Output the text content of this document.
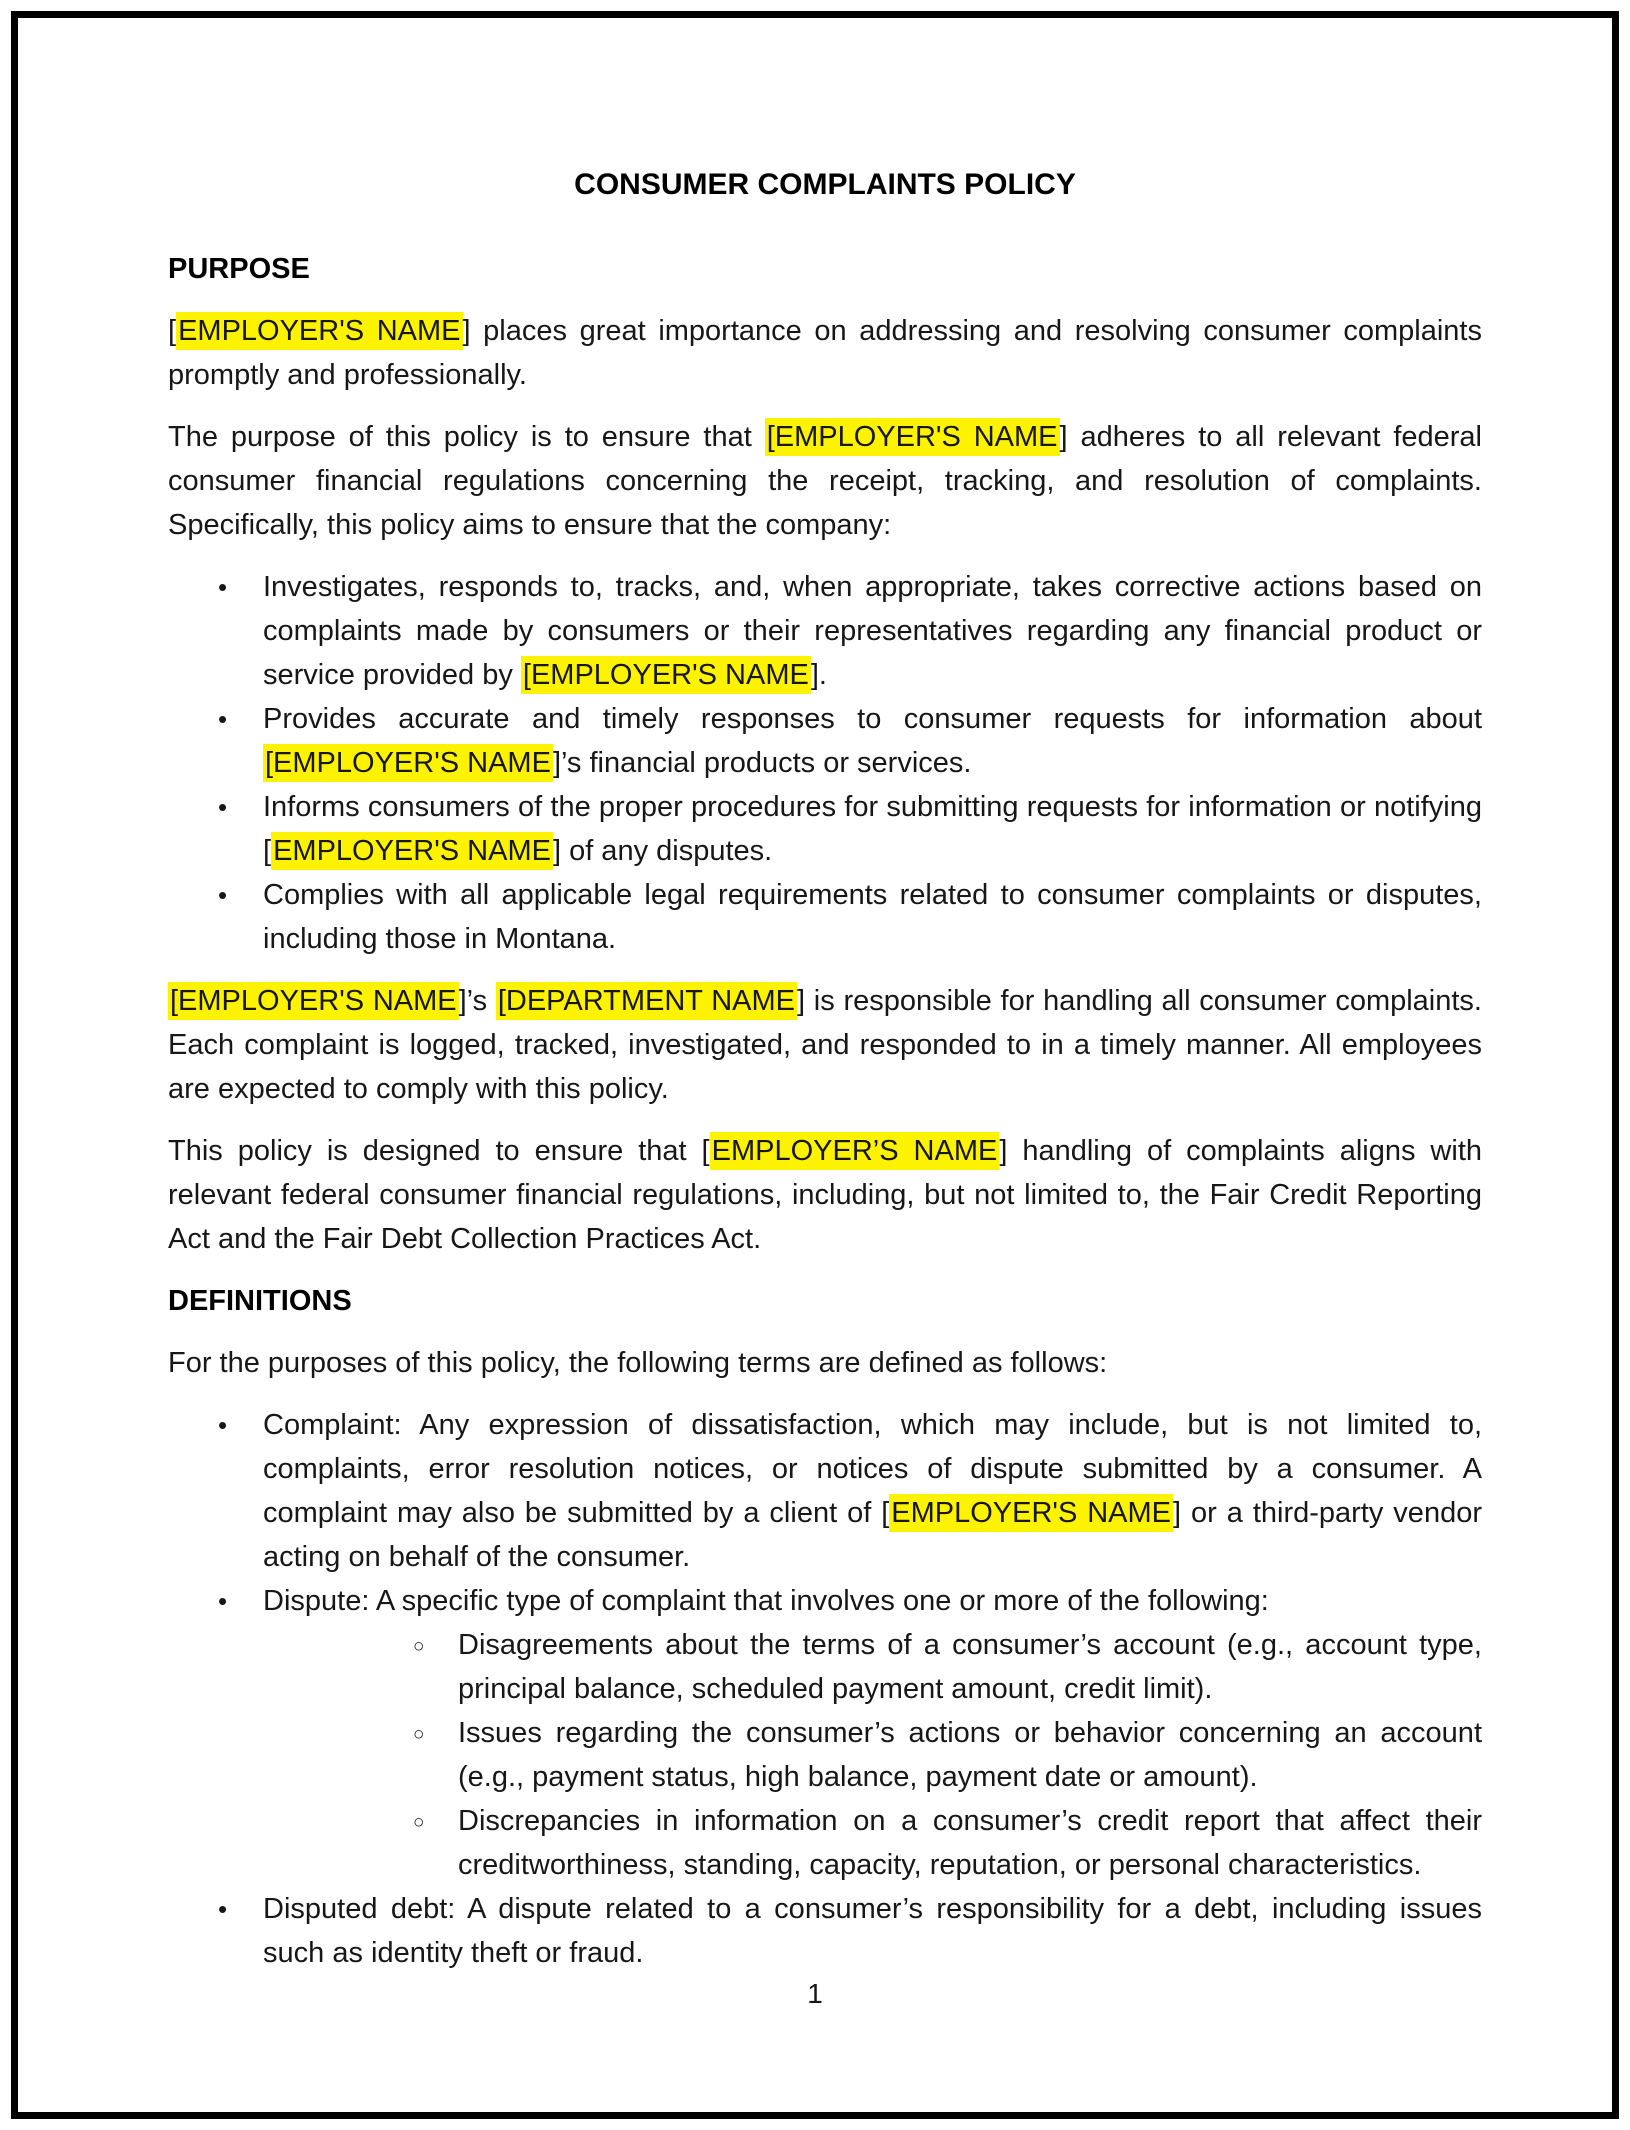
CONSUMER COMPLAINTS POLICY
PURPOSE

[EMPLOYER'S NAME] places great importance on addressing and resolving consumer complaints promptly and professionally.

The purpose of this policy is to ensure that [EMPLOYER'S NAME] adheres to all relevant federal consumer financial regulations concerning the receipt, tracking, and resolution of complaints. Specifically, this policy aims to ensure that the company:

• Investigates, responds to, tracks, and, when appropriate, takes corrective actions based on complaints made by consumers or their representatives regarding any financial product or service provided by [EMPLOYER'S NAME].
• Provides accurate and timely responses to consumer requests for information about [EMPLOYER'S NAME]’s financial products or services.
• Informs consumers of the proper procedures for submitting requests for information or notifying [EMPLOYER'S NAME] of any disputes.
• Complies with all applicable legal requirements related to consumer complaints or disputes, including those in Montana.

[EMPLOYER'S NAME]’s [DEPARTMENT NAME] is responsible for handling all consumer complaints. Each complaint is logged, tracked, investigated, and responded to in a timely manner. All employees are expected to comply with this policy.

This policy is designed to ensure that [EMPLOYER’S NAME] handling of complaints aligns with relevant federal consumer financial regulations, including, but not limited to, the Fair Credit Reporting Act and the Fair Debt Collection Practices Act.

DEFINITIONS

For the purposes of this policy, the following terms are defined as follows:

• Complaint: Any expression of dissatisfaction, which may include, but is not limited to, complaints, error resolution notices, or notices of dispute submitted by a consumer. A complaint may also be submitted by a client of [EMPLOYER'S NAME] or a third-party vendor acting on behalf of the consumer.
• Dispute: A specific type of complaint that involves one or more of the following:
○ Disagreements about the terms of a consumer’s account (e.g., account type, principal balance, scheduled payment amount, credit limit).
○ Issues regarding the consumer’s actions or behavior concerning an account (e.g., payment status, high balance, payment date or amount).
○ Discrepancies in information on a consumer’s credit report that affect their creditworthiness, standing, capacity, reputation, or personal characteristics.
• Disputed debt: A dispute related to a consumer’s responsibility for a debt, including issues such as identity theft or fraud.
1
